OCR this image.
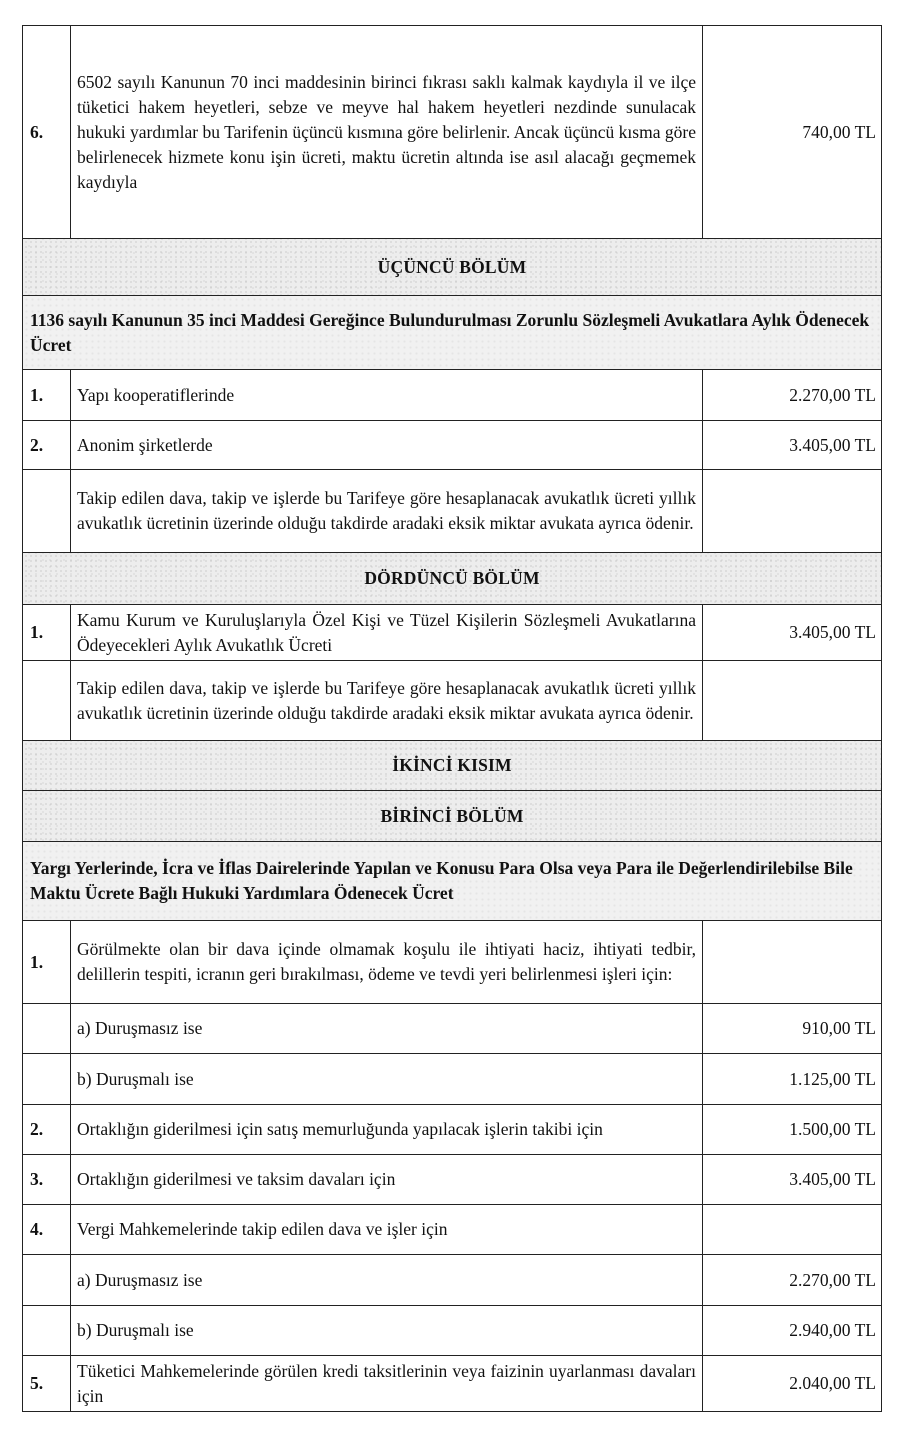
6.	6502 sayılı Kanunun 70 inci maddesinin birinci fıkrası saklı kalmak kaydıyla il ve ilçe tüketici hakem heyetleri, sebze ve meyve hal hakem heyetleri nezdinde sunulacak hukuki yardımlar bu Tarifenin üçüncü kısmına göre belirlenir. Ancak üçüncü kısma göre belirlenecek hizmete konu işin ücreti, maktu ücretin altında ise asıl alacağı geçmemek kaydıyla	740,00 TL
ÜÇÜNCÜ BÖLÜM		
1136 sayılı Kanunun 35 inci Maddesi Gereğince Bulundurulması Zorunlu Sözleşmeli Avukatlara Aylık Ödenecek Ücret		
1.	Yapı kooperatiflerinde	2.270,00 TL
2.	Anonim şirketlerde	3.405,00 TL
	Takip edilen dava, takip ve işlerde bu Tarifeye göre hesaplanacak avukatlık ücreti yıllık avukatlık ücretinin üzerinde olduğu takdirde aradaki eksik miktar avukata ayrıca ödenir.	
DÖRDÜNCÜ BÖLÜM		
1.	Kamu Kurum ve Kuruluşlarıyla Özel Kişi ve Tüzel Kişilerin Sözleşmeli Avukatlarına Ödeyecekleri Aylık Avukatlık Ücreti	3.405,00 TL
	Takip edilen dava, takip ve işlerde bu Tarifeye göre hesaplanacak avukatlık ücreti yıllık avukatlık ücretinin üzerinde olduğu takdirde aradaki eksik miktar avukata ayrıca ödenir.	
İKİNCİ KISIM		
BİRİNCİ BÖLÜM		
Yargı Yerlerinde, İcra ve İflas Dairelerinde Yapılan ve Konusu Para Olsa veya Para ile Değerlendirilebilse Bile Maktu Ücrete Bağlı Hukuki Yardımlara Ödenecek Ücret		
1.	Görülmekte olan bir dava içinde olmamak koşulu ile ihtiyati haciz, ihtiyati tedbir, delillerin tespiti, icranın geri bırakılması, ödeme ve tevdi yeri belirlenmesi işleri için:	
	a) Duruşmasız ise	910,00 TL
	b) Duruşmalı ise	1.125,00 TL
2.	Ortaklığın giderilmesi için satış memurluğunda yapılacak işlerin takibi için	1.500,00 TL
3.	Ortaklığın giderilmesi ve taksim davaları için	3.405,00 TL
4.	Vergi Mahkemelerinde takip edilen dava ve işler için	
	a) Duruşmasız ise	2.270,00 TL
	b) Duruşmalı ise	2.940,00 TL
5.	Tüketici Mahkemelerinde görülen kredi taksitlerinin veya faizinin uyarlanması davaları için	2.040,00 TL
